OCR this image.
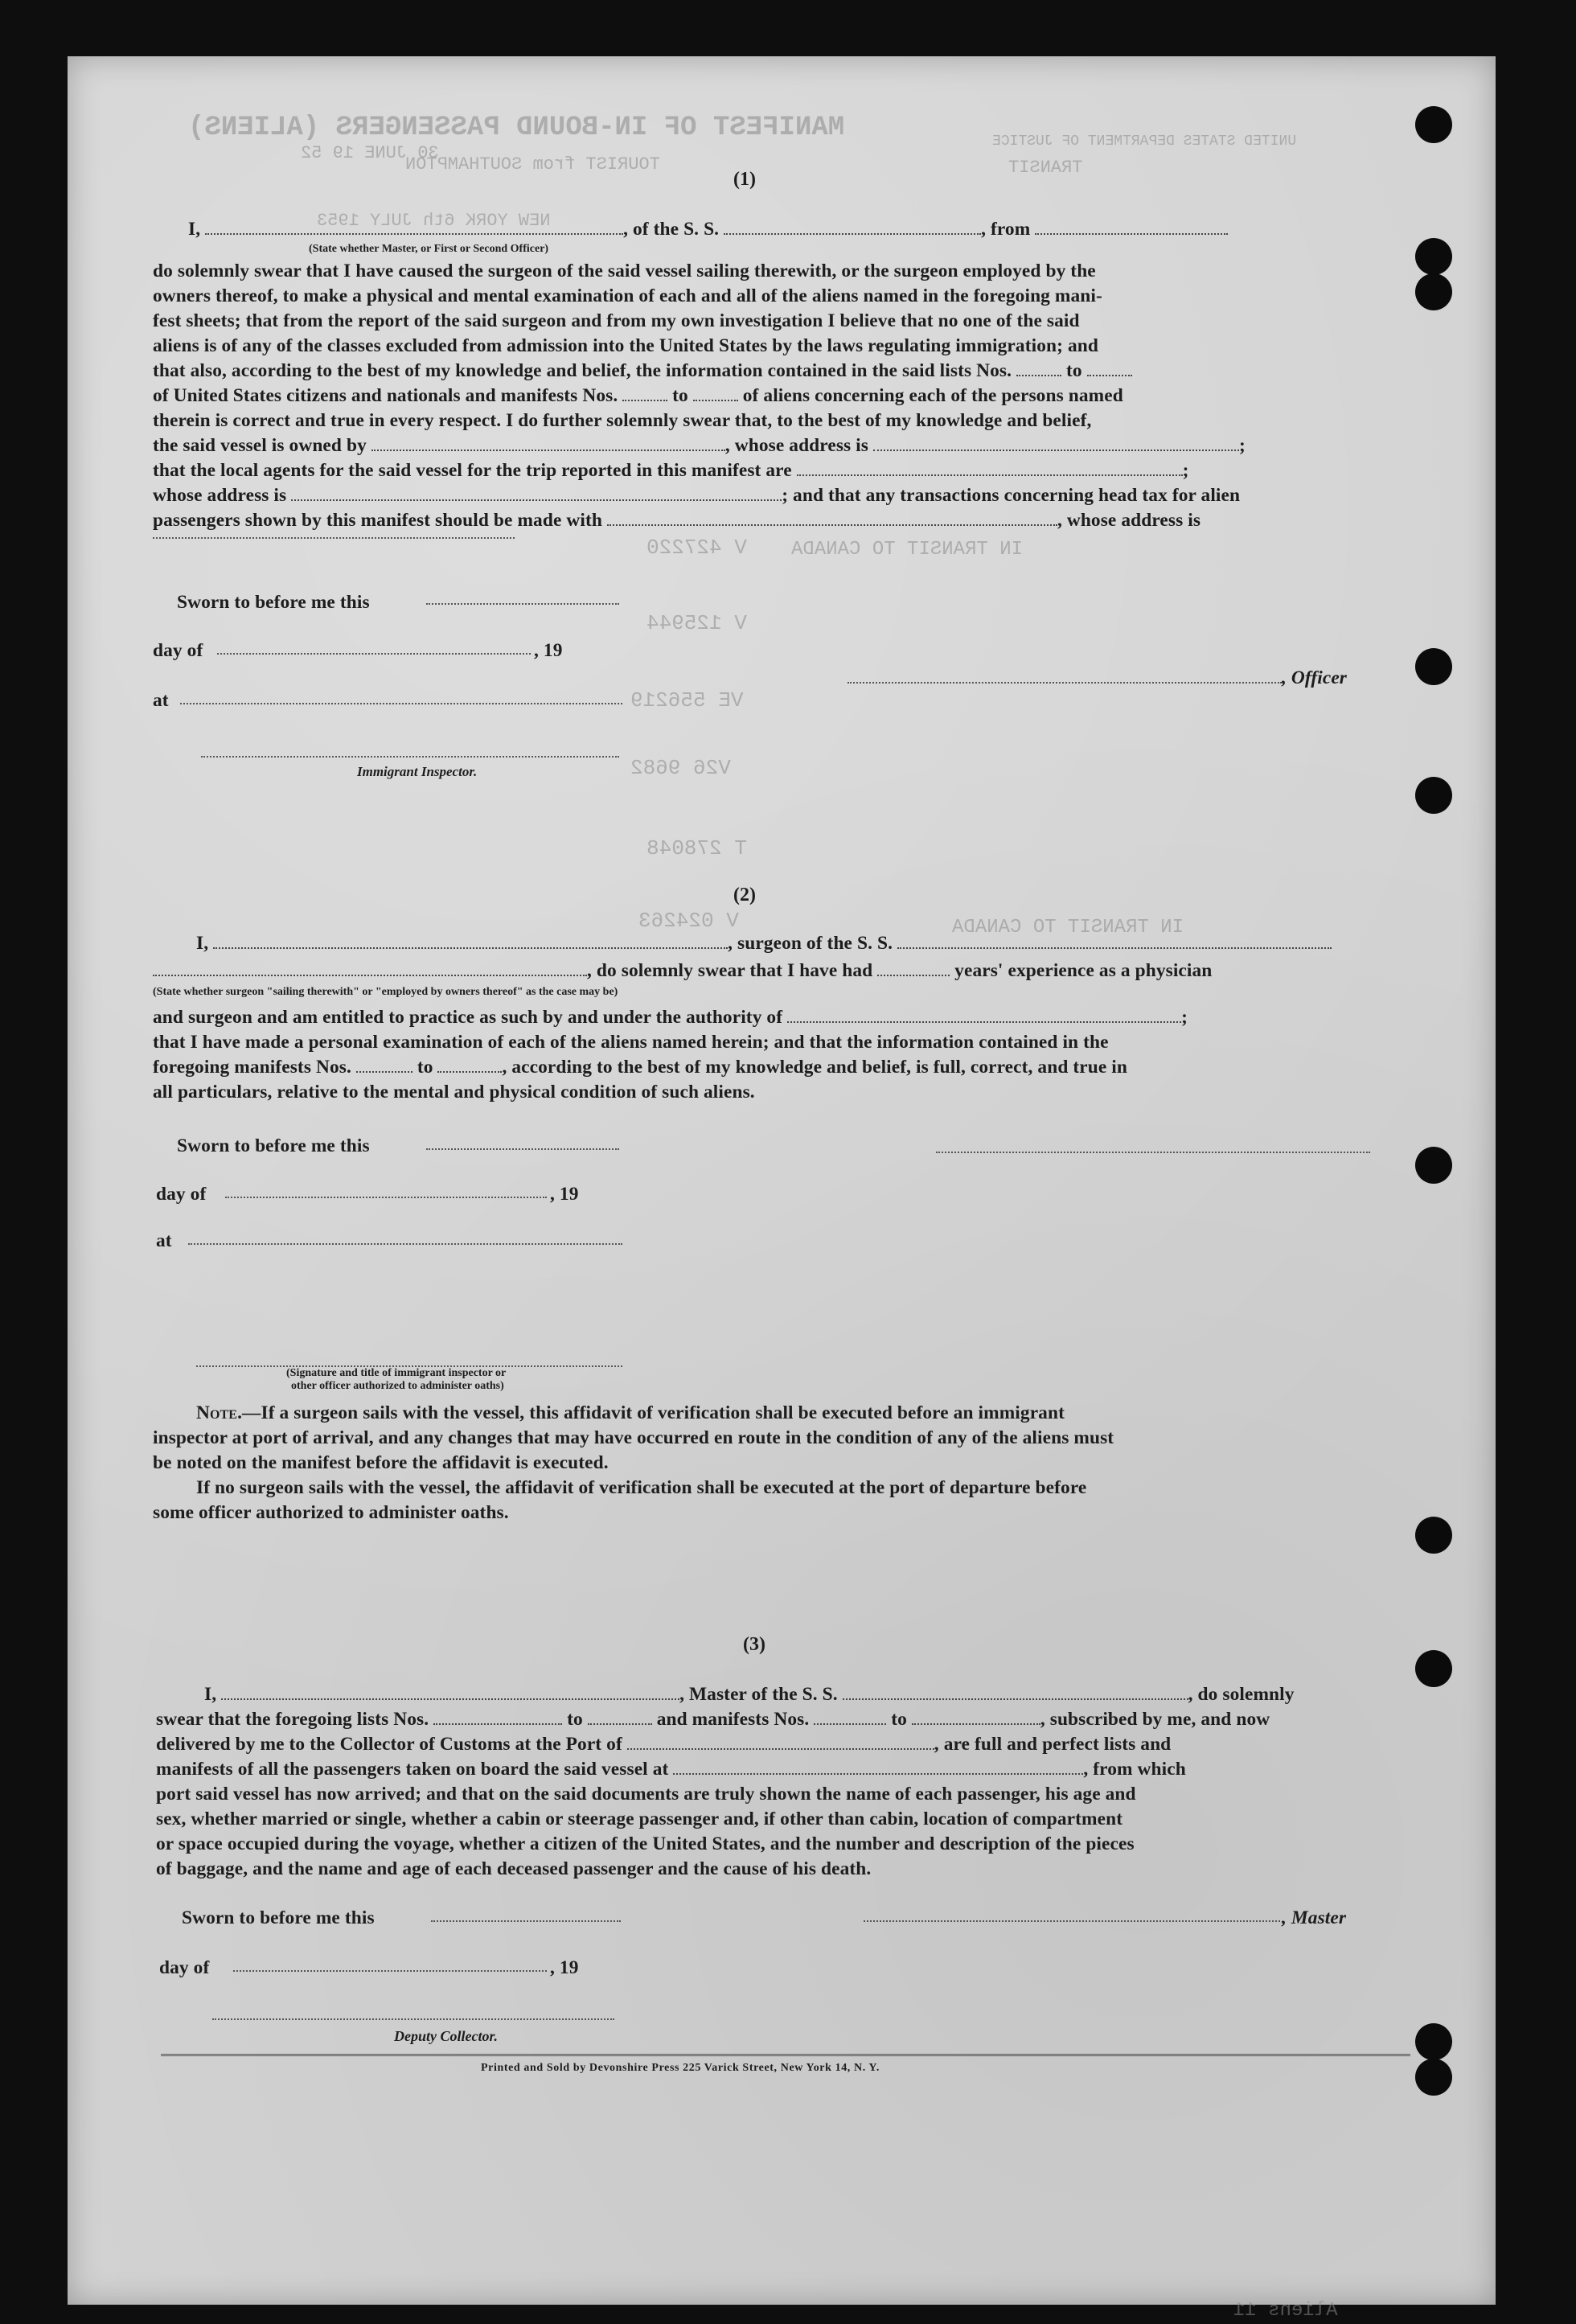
MANIFEST OF IN-BOUND PASSENGERS (ALIENS)
TOURIST from SOUTHAMPTON
30 JUNE 19 52
UNITED STATES DEPARTMENT OF JUSTICE
TRANSIT
NEW YORK 6th JULY 1953
IN TRANSIT TO CANADA
V 427220
V 125944
VE 556219
V26 9682
T 278048
V 024263	IN TRANSIT TO CANADA
Aliens 11
(1)
I,	, of the S. S.	, from
(State whether Master, or First or Second Officer)
do solemnly swear that I have caused the surgeon of the said vessel sailing therewith, or the surgeon employed by the
owners thereof, to make a physical and mental examination of each and all of the aliens named in the foregoing mani-
fest sheets; that from the report of the said surgeon and from my own investigation I believe that no one of the said
aliens is of any of the classes excluded from admission into the United States by the laws regulating immigration; and
that also, according to the best of my knowledge and belief, the information contained in the said lists Nos.	to
of United States citizens and nationals and manifests Nos.	to	of aliens concerning each of the persons named
therein is correct and true in every respect. I do further solemnly swear that, to the best of my knowledge and belief,
the said vessel is owned by	, whose address is	;
that the local agents for the said vessel for the trip reported in this manifest are	;
whose address is	; and that any transactions concerning head tax for alien
passengers shown by this manifest should be made with	, whose address is
Sworn to before me this
day of	, 19
at
Immigrant Inspector.
, Officer
(2)
I,	, surgeon of the S. S.
, do solemnly swear that I have had	years' experience as a physician
(State whether surgeon "sailing therewith" or "employed by owners thereof" as the case may be)
and surgeon and am entitled to practice as such by and under the authority of	;
that I have made a personal examination of each of the aliens named herein; and that the information contained in the
foregoing manifests Nos.	to	, according to the best of my knowledge and belief, is full, correct, and true in
all particulars, relative to the mental and physical condition of such aliens.
Sworn to before me this
day of	, 19
at
(Signature and title of immigrant inspector or
other officer authorized to administer oaths)
Note.—If a surgeon sails with the vessel, this affidavit of verification shall be executed before an immigrant
inspector at port of arrival, and any changes that may have occurred en route in the condition of any of the aliens must
be noted on the manifest before the affidavit is executed.
If no surgeon sails with the vessel, the affidavit of verification shall be executed at the port of departure before
some officer authorized to administer oaths.
(3)
I,	, Master of the S. S.	, do solemnly
swear that the foregoing lists Nos.	to	and manifests Nos.	to	, subscribed by me, and now
delivered by me to the Collector of Customs at the Port of	, are full and perfect lists and
manifests of all the passengers taken on board the said vessel at	, from which
port said vessel has now arrived; and that on the said documents are truly shown the name of each passenger, his age and
sex, whether married or single, whether a cabin or steerage passenger and, if other than cabin, location of compartment
or space occupied during the voyage, whether a citizen of the United States, and the number and description of the pieces
of baggage, and the name and age of each deceased passenger and the cause of his death.
Sworn to before me this	, Master
day of	, 19
Deputy Collector.
Printed and Sold by Devonshire Press 225 Varick Street, New York 14, N. Y.
